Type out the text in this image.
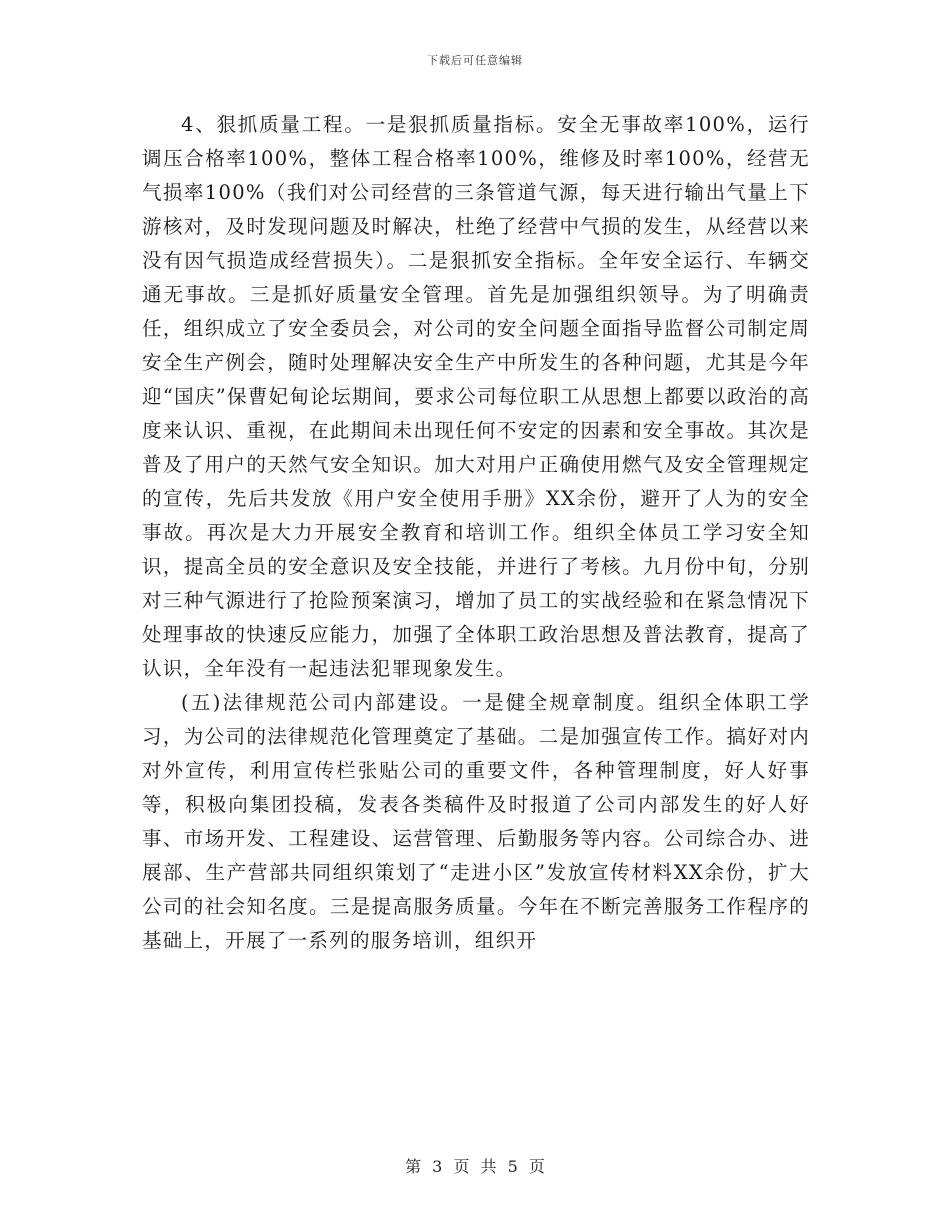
下载后可任意编辑

4、狠抓质量工程。一是狠抓质量指标。安全无事故率100%，运行调压合格率100%，整体工程合格率100%，维修及时率100%，经营无气损率100%（我们对公司经营的三条管道气源，每天进行输出气量上下游核对，及时发现问题及时解决，杜绝了经营中气损的发生，从经营以来没有因气损造成经营损失）。二是狠抓安全指标。全年安全运行、车辆交通无事故。三是抓好质量安全管理。首先是加强组织领导。为了明确责任，组织成立了安全委员会，对公司的安全问题全面指导监督公司制定周安全生产例会，随时处理解决安全生产中所发生的各种问题，尤其是今年迎“国庆”保曹妃甸论坛期间，要求公司每位职工从思想上都要以政治的高度来认识、重视，在此期间未出现任何不安定的因素和安全事故。其次是普及了用户的天然气安全知识。加大对用户正确使用燃气及安全管理规定的宣传，先后共发放《用户安全使用手册》XX余份，避开了人为的安全事故。再次是大力开展安全教育和培训工作。组织全体员工学习安全知识，提高全员的安全意识及安全技能，并进行了考核。九月份中旬，分别对三种气源进行了抢险预案演习，增加了员工的实战经验和在紧急情况下处理事故的快速反应能力，加强了全体职工政治思想及普法教育，提高了认识，全年没有一起违法犯罪现象发生。

(五)法律规范公司内部建设。一是健全规章制度。组织全体职工学习，为公司的法律规范化管理奠定了基础。二是加强宣传工作。搞好对内对外宣传，利用宣传栏张贴公司的重要文件，各种管理制度，好人好事等，积极向集团投稿，发表各类稿件及时报道了公司内部发生的好人好事、市场开发、工程建设、运营管理、后勤服务等内容。公司综合办、进展部、生产营部共同组织策划了“走进小区”发放宣传材料XX余份，扩大公司的社会知名度。三是提高服务质量。今年在不断完善服务工作程序的基础上，开展了一系列的服务培训，组织开

第 3 页 共 5 页
